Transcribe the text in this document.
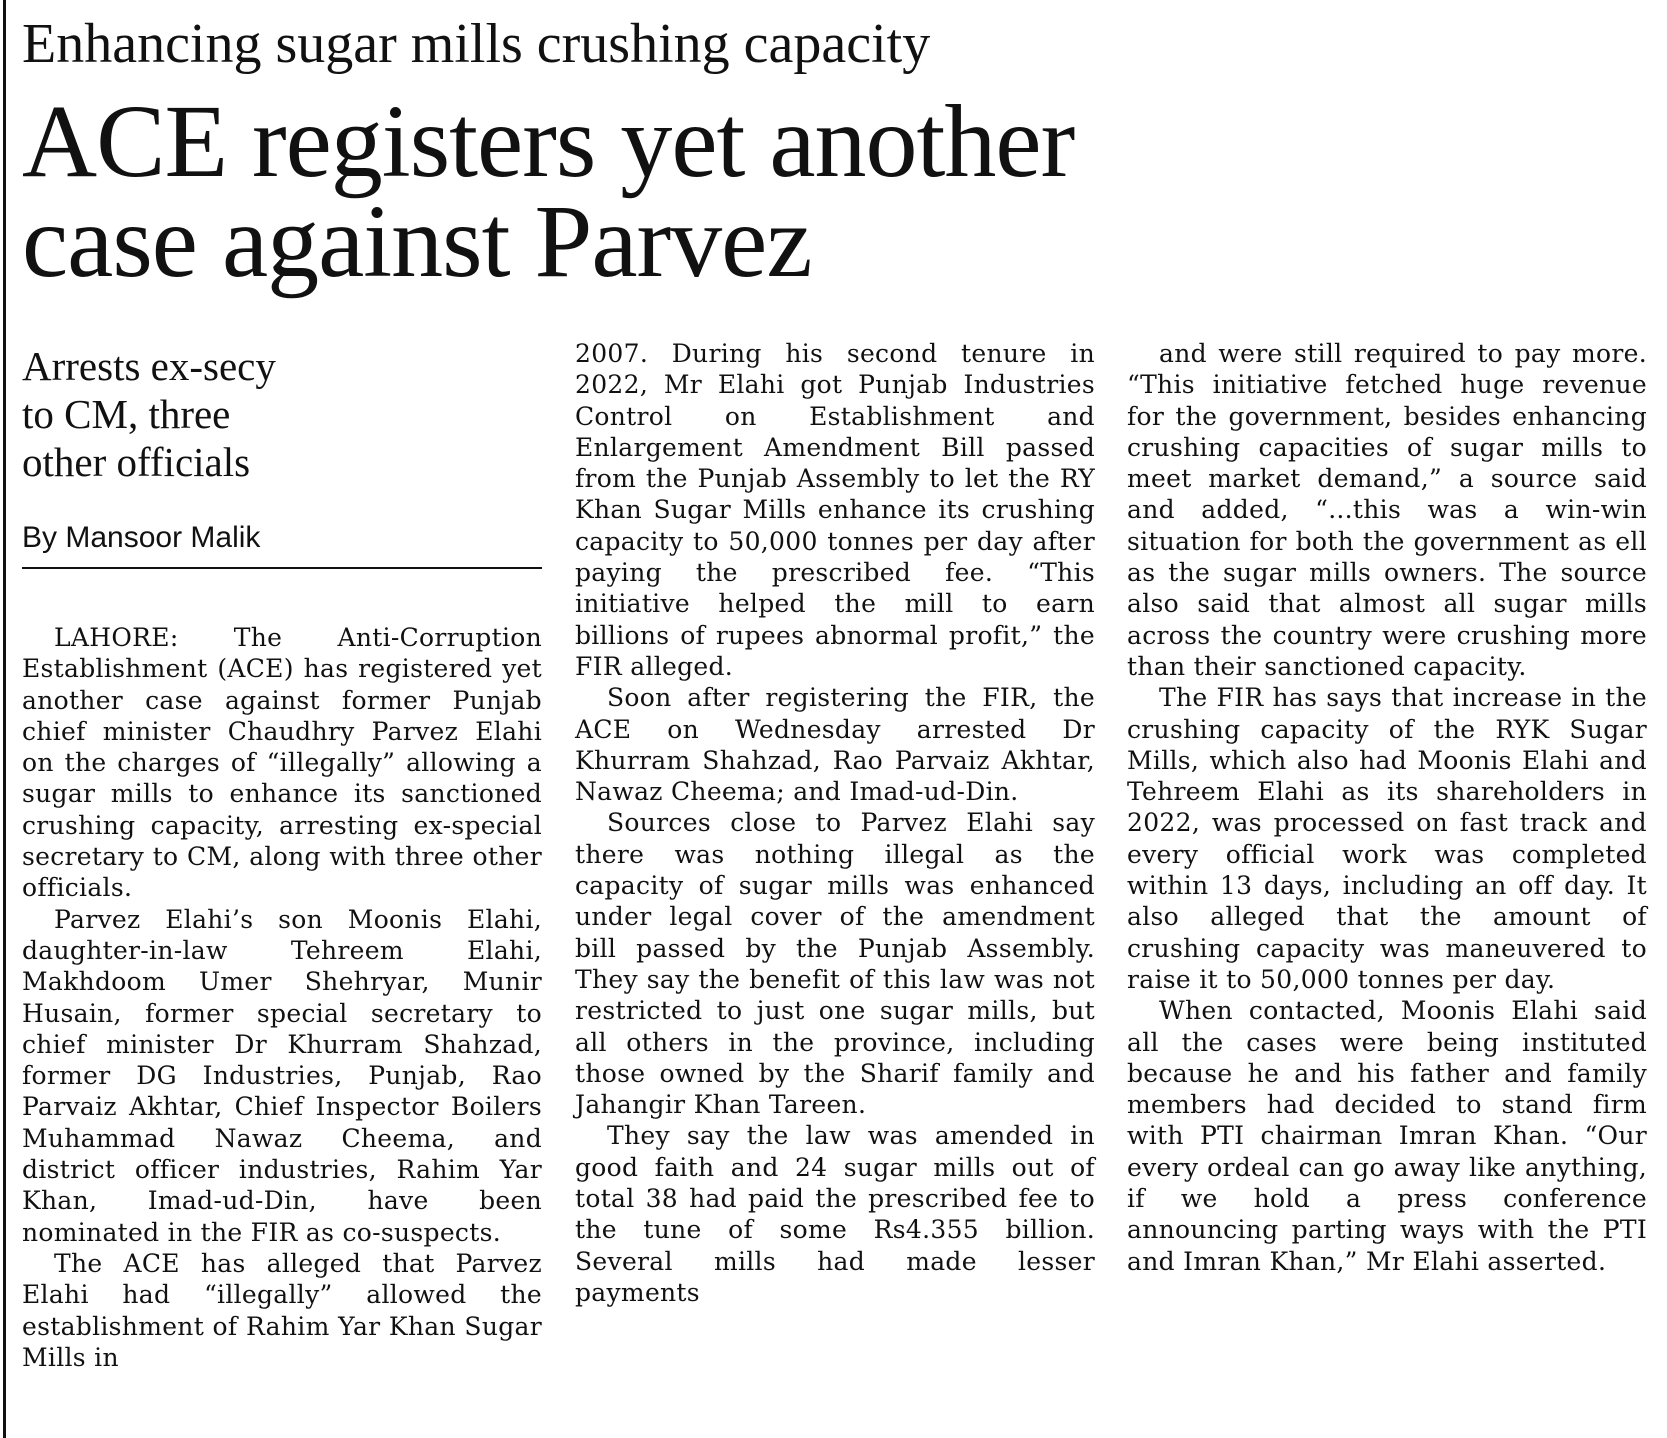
Enhancing sugar mills crushing capacity
ACE registers yet another
case against Parvez
Arrests ex-secy
to CM, three
other officials
By Mansoor Malik

LAHORE: The Anti-Corruption Establishment (ACE) has registered yet another case against former Punjab chief minister Chaudhry Parvez Elahi on the charges of “illegally” allowing a sugar mills to enhance its sanctioned crushing capacity, arresting ex-special secretary to CM, along with three other officials.

Parvez Elahi’s son Moonis Elahi, daughter-in-law Tehreem Elahi, Makhdoom Umer Shehryar, Munir Husain, former special secretary to chief minister Dr Khurram Shahzad, former DG Industries, Punjab, Rao Parvaiz Akhtar, Chief Inspector Boilers Muhammad Nawaz Cheema, and district officer industries, Rahim Yar Khan, Imad-ud-Din, have been nominated in the FIR as co-suspects.

The ACE has alleged that Parvez Elahi had “illegally” allowed the establishment of Rahim Yar Khan Sugar Mills in

2007. During his second tenure in 2022, Mr Elahi got Punjab Industries Control on Establishment and Enlargement Amendment Bill passed from the Punjab Assembly to let the RY Khan Sugar Mills enhance its crushing capacity to 50,000 tonnes per day after paying the prescribed fee. “This initiative helped the mill to earn billions of rupees abnormal profit,” the FIR alleged.

Soon after registering the FIR, the ACE on Wednesday arrested Dr Khurram Shahzad, Rao Parvaiz Akhtar, Nawaz Cheema; and Imad-ud-Din.

Sources close to Parvez Elahi say there was nothing illegal as the capacity of sugar mills was enhanced under legal cover of the amendment bill passed by the Punjab Assembly. They say the benefit of this law was not restricted to just one sugar mills, but all others in the province, including those owned by the Sharif family and Jahangir Khan Tareen.

They say the law was amended in good faith and 24 sugar mills out of total 38 had paid the prescribed fee to the tune of some Rs4.355 billion. Several mills had made lesser payments

and were still required to pay more. “This initiative fetched huge revenue for the government, besides enhancing crushing capacities of sugar mills to meet market demand,” a source said and added, “...this was a win-win situation for both the government as ell as the sugar mills owners. The source also said that almost all sugar mills across the country were crushing more than their sanctioned capacity.

The FIR has says that increase in the crushing capacity of the RYK Sugar Mills, which also had Moonis Elahi and Tehreem Elahi as its shareholders in 2022, was processed on fast track and every official work was completed within 13 days, including an off day. It also alleged that the amount of crushing capacity was maneuvered to raise it to 50,000 tonnes per day.

When contacted, Moonis Elahi said all the cases were being instituted because he and his father and family members had decided to stand firm with PTI chairman Imran Khan. “Our every ordeal can go away like anything, if we hold a press conference announcing parting ways with the PTI and Imran Khan,” Mr Elahi asserted.
